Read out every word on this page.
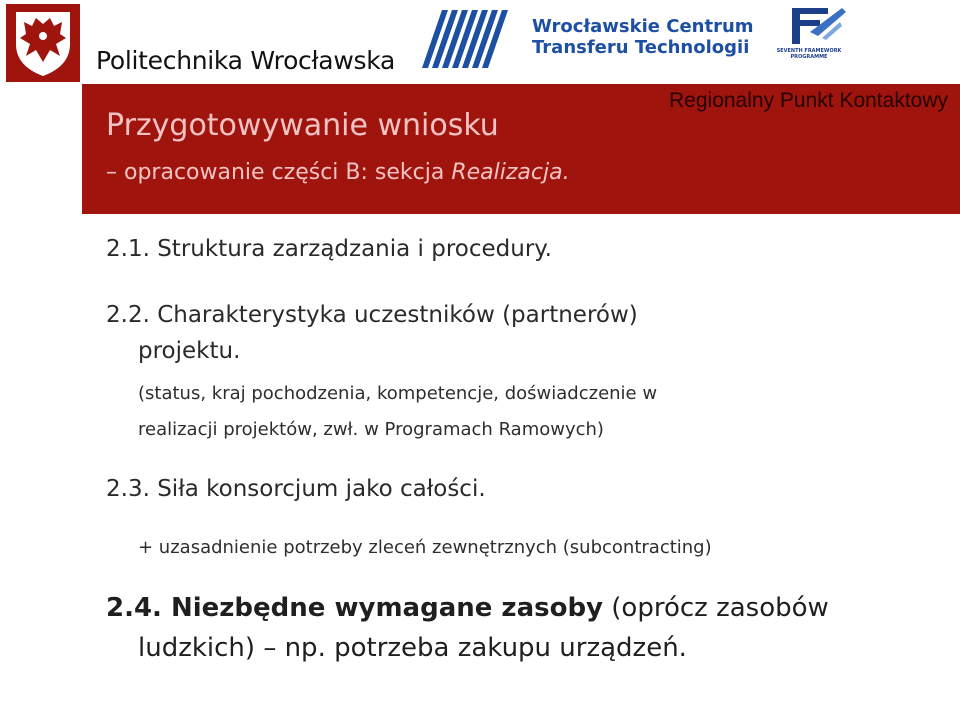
Politechnika Wrocławska
Wrocławskie Centrum
Transferu Technologii	SEVENTH FRAMEWORK
PROGRAMME
Regionalny Punkt Kontaktowy
Przygotowywanie wniosku
– opracowanie części B: sekcja Realizacja.
2.1. Struktura zarządzania i procedury.
2.2. Charakterystyka uczestników (partnerów)
projektu.
(status, kraj pochodzenia, kompetencje, doświadczenie w
realizacji projektów, zwł. w Programach Ramowych)
2.3. Siła konsorcjum jako całości.
+ uzasadnienie potrzeby zleceń zewnętrznych (subcontracting)
2.4. Niezbędne wymagane zasoby (oprócz zasobów
ludzkich) – np. potrzeba zakupu urządzeń.
